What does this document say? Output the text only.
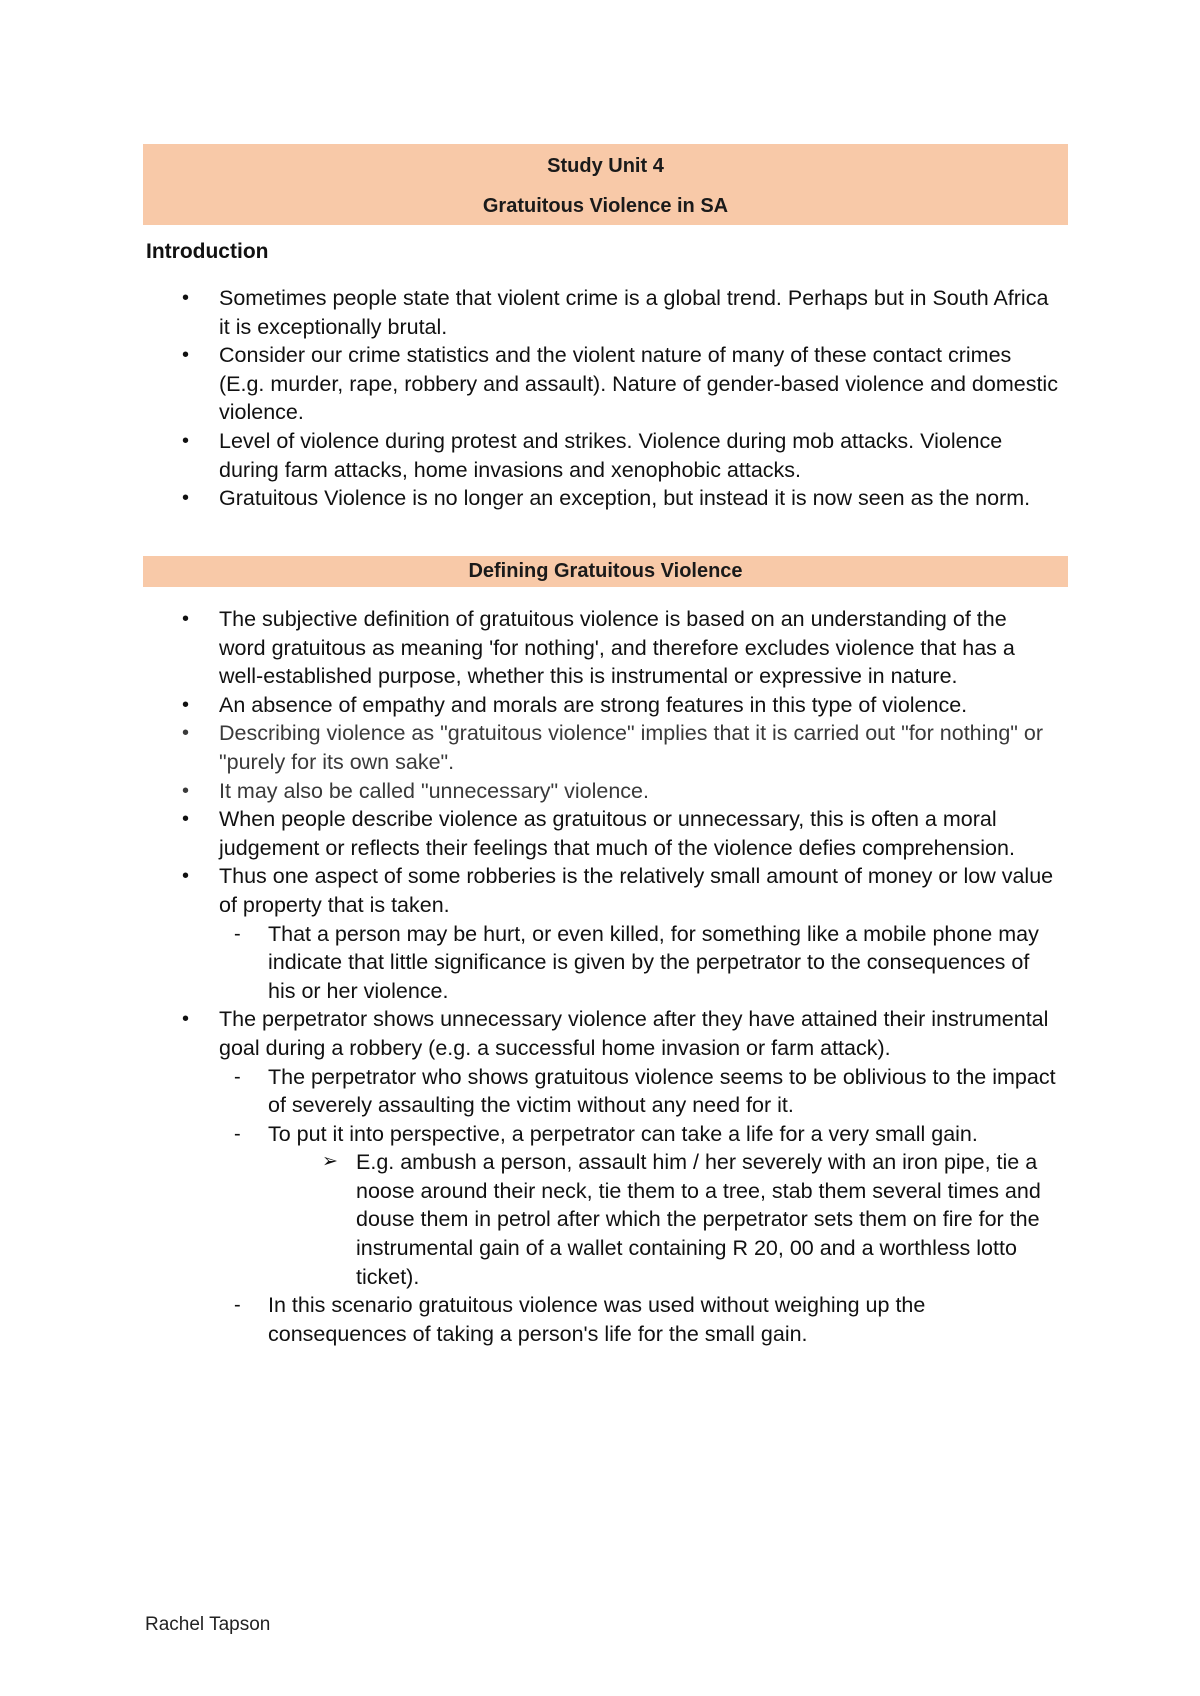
Study Unit 4
Gratuitous Violence in SA
Introduction
• Sometimes people state that violent crime is a global trend. Perhaps but in South Africa it is exceptionally brutal.
• Consider our crime statistics and the violent nature of many of these contact crimes (E.g. murder, rape, robbery and assault). Nature of gender-based violence and domestic violence.
• Level of violence during protest and strikes. Violence during mob attacks. Violence during farm attacks, home invasions and xenophobic attacks.
• Gratuitous Violence is no longer an exception, but instead it is now seen as the norm.
Defining Gratuitous Violence
• The subjective definition of gratuitous violence is based on an understanding of the word gratuitous as meaning 'for nothing', and therefore excludes violence that has a well-established purpose, whether this is instrumental or expressive in nature.
• An absence of empathy and morals are strong features in this type of violence.
• Describing violence as "gratuitous violence" implies that it is carried out "for nothing" or "purely for its own sake".
• It may also be called "unnecessary" violence.
• When people describe violence as gratuitous or unnecessary, this is often a moral judgement or reflects their feelings that much of the violence defies comprehension.
• Thus one aspect of some robberies is the relatively small amount of money or low value of property that is taken.
- That a person may be hurt, or even killed, for something like a mobile phone may indicate that little significance is given by the perpetrator to the consequences of his or her violence.
• The perpetrator shows unnecessary violence after they have attained their instrumental goal during a robbery (e.g. a successful home invasion or farm attack).
- The perpetrator who shows gratuitous violence seems to be oblivious to the impact of severely assaulting the victim without any need for it.
- To put it into perspective, a perpetrator can take a life for a very small gain.
➢ E.g. ambush a person, assault him / her severely with an iron pipe, tie a noose around their neck, tie them to a tree, stab them several times and douse them in petrol after which the perpetrator sets them on fire for the instrumental gain of a wallet containing R 20, 00 and a worthless lotto ticket).
- In this scenario gratuitous violence was used without weighing up the consequences of taking a person's life for the small gain.
Rachel Tapson
